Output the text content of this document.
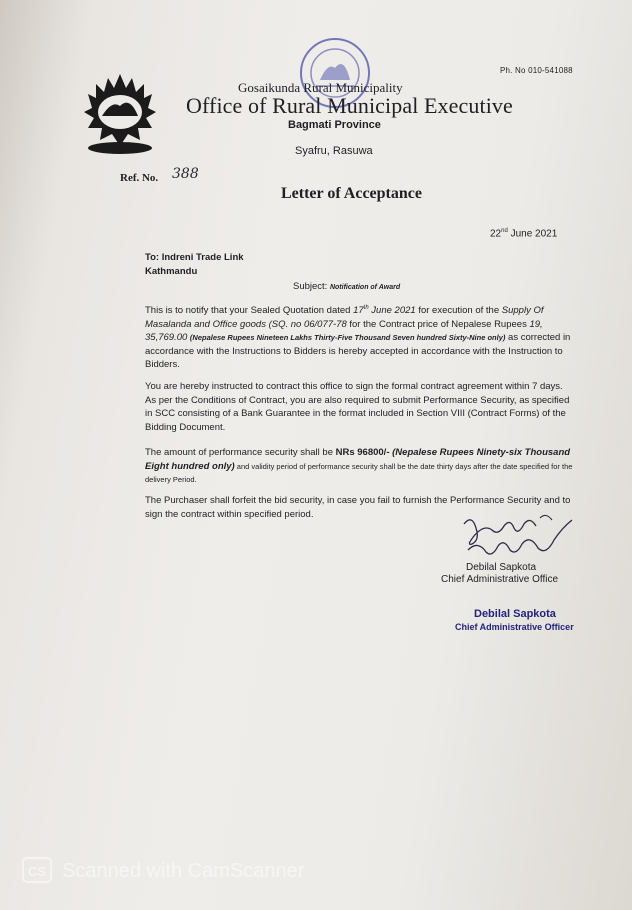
Ph. No 010-541088
Gosaikunda Rural Municipality
Office of Rural Municipal Executive
Bagmati Province
Syafru, Rasuwa
Ref. No. 388
Letter of Acceptance
22nd June 2021
To: Indreni Trade Link
Kathmandu
Subject: Notification of Award

This is to notify that your Sealed Quotation dated 17th June 2021 for execution of the Supply Of Masalanda and Office goods (SQ. no 06/077-78 for the Contract price of Nepalese Rupees 19, 35,769.00 (Nepalese Rupees Nineteen Lakhs Thirty-Five Thousand Seven hundred Sixty-Nine only) as corrected in accordance with the Instructions to Bidders is hereby accepted in accordance with the Instruction to Bidders.

You are hereby instructed to contract this office to sign the formal contract agreement within 7 days. As per the Conditions of Contract, you are also required to submit Performance Security, as specified in SCC consisting of a Bank Guarantee in the format included in Section VIII (Contract Forms) of the Bidding Document.

The amount of performance security shall be NRs 96800/- (Nepalese Rupees Ninety-six Thousand Eight hundred only) and validity period of performance security shall be the date thirty days after the date specified for the delivery Period.

The Purchaser shall forfeit the bid security, in case you fail to furnish the Performance Security and to sign the contract within specified period.

Debilal Sapkota
Chief Administrative Office
Debilal Sapkota
Chief Administrative Officer
CS Scanned with CamScanner
